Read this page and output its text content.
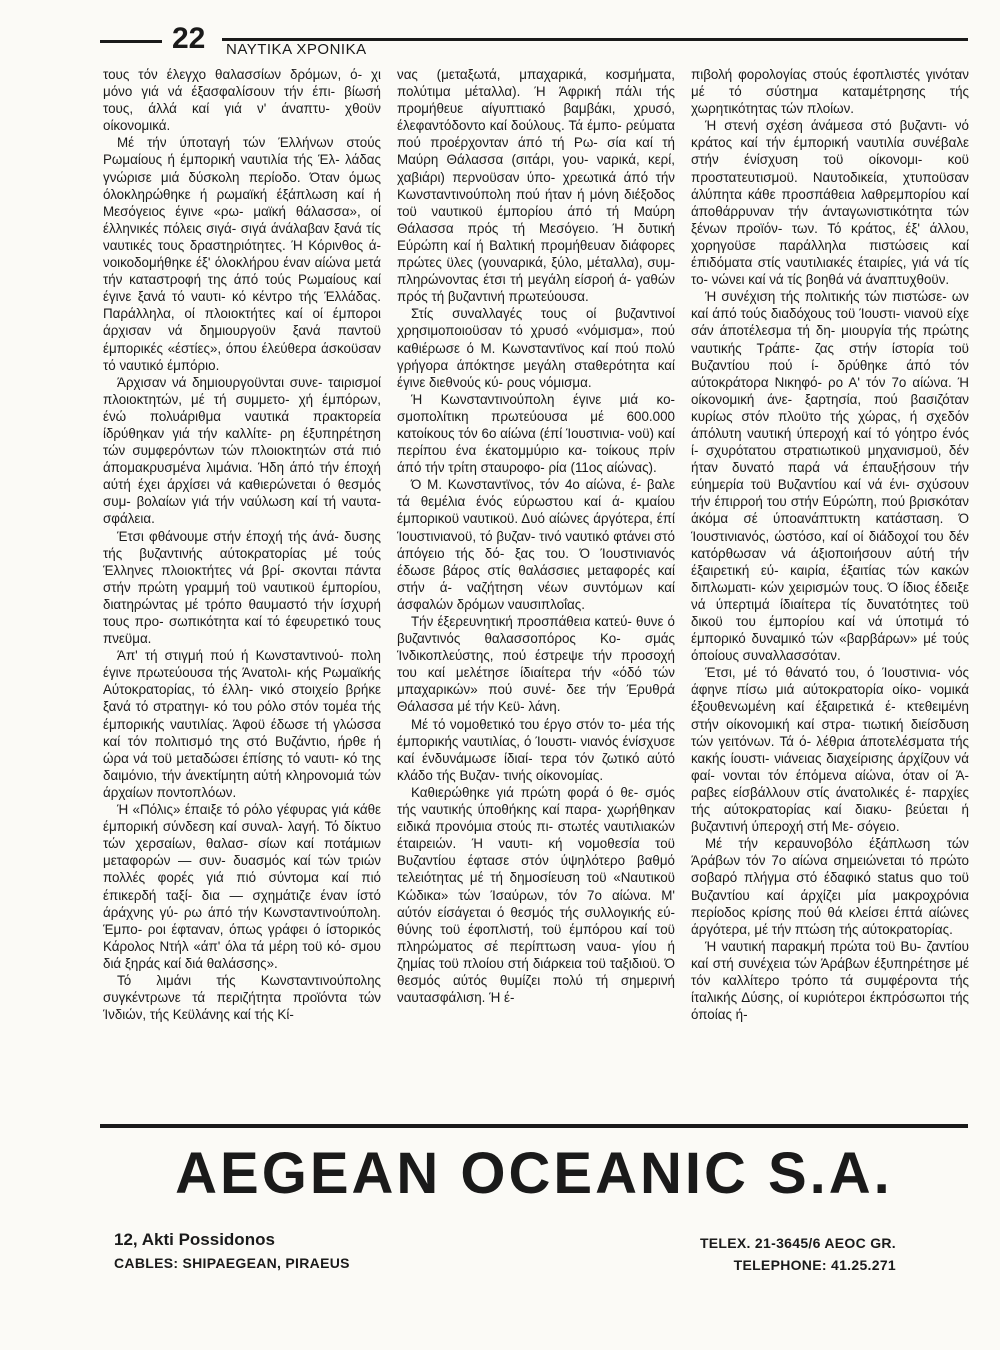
22 ΝΑΥΤΙΚΑ ΧΡΟΝΙΚΑ

τους τόν έλεγχο θαλασσίων δρόμων, ό- χι μόνο γιά νά έξασφαλίσουν τήν έπι- βίωσή τους, άλλά καί γιά ν' άναπτυ- χθοϋν οίκονομικά.

Μέ τήν ύποταγή τών Έλλήνων στούς Ρωμαίους ή έμπορική ναυτιλία τής Έλ- λάδας γνώρισε μιά δύσκολη περίοδο. Όταν όμως όλοκληρώθηκε ή ρωμαϊκή έξάπλωση καί ή Μεσόγειος έγινε «ρω- μαϊκή θάλασσα», οί έλληνικές πόλεις σιγά- σιγά άνάλαβαν ξανά τίς ναυτικές τους δραστηριότητες. Ή Κόρινθος ά- νοικοδομήθηκε έξ' όλοκλήρου έναν αίώνα μετά τήν καταστροφή της άπό τούς Ρωμαίους καί έγινε ξανά τό ναυτι- κό κέντρο τής Έλλάδας. Παράλληλα, οί πλοιοκτήτες καί οί έμποροι άρχισαν νά δημιουργοϋν ξανά παντοϋ έμπορικές «έστίες», όπου έλεύθερα άσκοϋσαν τό ναυτικό έμπόριο.

Άρχισαν νά δημιουργοϋνται συνε- ταιρισμοί πλοιοκτητών, μέ τή συμμετο- χή έμπόρων, ένώ πολυάριθμα ναυτικά πρακτορεία ίδρύθηκαν γιά τήν καλλίτε- ρη έξυπηρέτηση τών συμφερόντων τών πλοιοκτητών στά πιό άπομακρυσμένα λιμάνια. Ήδη άπό τήν έποχή αύτή έχει άρχίσει νά καθιερώνεται ό θεσμός συμ- βολαίων γιά τήν ναύλωση καί τή ναυτα- σφάλεια.

Έτσι φθάνουμε στήν έποχή τής άνά- δυσης τής βυζαντινής αύτοκρατορίας μέ τούς Έλληνες πλοιοκτήτες νά βρί- σκονται πάντα στήν πρώτη γραμμή τοϋ ναυτικοϋ έμπορίου, διατηρώντας μέ τρόπο θαυμαστό τήν ίσχυρή τους προ- σωπικότητα καί τό έφευρετικό τους πνεϋμα.

Άπ' τή στιγμή πού ή Κωνσταντινού- πολη έγινε πρωτεύουσα τής Άνατολι- κής Ρωμαϊκής Αύτοκρατορίας, τό έλλη- νικό στοιχείο βρήκε ξανά τό στρατηγι- κό του ρόλο στόν τομέα τής έμπορικής ναυτιλίας. Άφοϋ έδωσε τή γλώσσα καί τόν πολιτισμό της στό Βυζάντιο, ήρθε ή ώρα νά τοϋ μεταδώσει έπίσης τό ναυτι- κό της δαιμόνιο, τήν άνεκτίμητη αύτή κληρονομιά τών άρχαίων ποντοπλόων.

Ή «Πόλις» έπαιξε τό ρόλο γέφυρας γιά κάθε έμπορική σύνδεση καί συναλ- λαγή. Τό δίκτυο τών χερσαίων, θαλασ- σίων καί ποτάμιων μεταφορών — συν- δυασμός καί τών τριών πολλές φορές γιά πιό σύντομα καί πιό έπικερδή ταξί- δια — σχημάτιζε έναν ίστό άράχνης γύ- ρω άπό τήν Κωνσταντινούπολη. Έμπο- ροι έφταναν, όπως γράφει ό ίστορικός Κάρολος Ντήλ «άπ' όλα τά μέρη τοϋ κό- σμου διά ξηράς καί διά θαλάσσης».

Τό λιμάνι τής Κωνσταντινούπολης συγκέντρωνε τά περιζήτητα προϊόντα τών Ίνδιών, τής Κεϋλάνης καί τής Κί-

νας (μεταξωτά, μπαχαρικά, κοσμήματα, πολύτιμα μέταλλα). Ή Άφρική πάλι τής προμήθευε αίγυπτιακό βαμβάκι, χρυσό, έλεφαντόδοντο καί δούλους. Τά έμπο- ρεύματα πού προέρχονταν άπό τή Ρω- σία καί τή Μαύρη Θάλασσα (σιτάρι, γου- ναρικά, κερί, χαβιάρι) περνοϋσαν ύπο- χρεωτικά άπό τήν Κωνσταντινούπολη πού ήταν ή μόνη διέξοδος τοϋ ναυτικοϋ έμπορίου άπό τή Μαύρη Θάλασσα πρός τή Μεσόγειο. Ή δυτική Εύρώπη καί ή Βαλτική προμήθευαν διάφορες πρώτες ϋλες (γουναρικά, ξύλο, μέταλλα), συμ- πληρώνοντας έτσι τή μεγάλη είσροή ά- γαθών πρός τή βυζαντινή πρωτεύουσα.

Στίς συναλλαγές τους οί βυζαντινοί χρησιμοποιοϋσαν τό χρυσό «νόμισμα», πού καθιέρωσε ό Μ. Κωνσταντϊνος καί πού πολύ γρήγορα άπόκτησε μεγάλη σταθερότητα καί έγινε διεθνούς κύ- ρους νόμισμα.

Ή Κωνσταντινούπολη έγινε μιά κο- σμοπολίτικη πρωτεύουσα μέ 600.000 κατοίκους τόν 6ο αίώνα (έπί Ίουστινια- νοϋ) καί περίπου ένα έκατομμύριο κα- τοίκους πρίν άπό τήν τρίτη σταυροφο- ρία (11ος αίώνας).

Ό Μ. Κωνσταντϊνος, τόν 4ο αίώνα, έ- βαλε τά θεμέλια ένός εύρωστου καί ά- κμαίου έμπορικοϋ ναυτικοϋ. Δυό αίώνες άργότερα, έπί Ίουστινιανοϋ, τό βυζαν- τινό ναυτικό φτάνει στό άπόγειο τής δό- ξας του. Ό Ίουστινιανός έδωσε βάρος στίς θαλάσσιες μεταφορές καί στήν ά- ναζήτηση νέων συντόμων καί άσφαλών δρόμων ναυσιπλοΐας.

Τήν έξερευνητική προσπάθεια κατεύ- θυνε ό βυζαντινός θαλασσοπόρος Κο- σμάς Ίνδικοπλεύστης, πού έστρεψε τήν προσοχή του καί μελέτησε ίδιαίτερα τήν «όδό τών μπαχαρικών» πού συνέ- δεε τήν Έρυθρά Θάλασσα μέ τήν Κεϋ- λάνη.

Μέ τό νομοθετικό του έργο στόν το- μέα τής έμπορικής ναυτιλίας, ό Ίουστι- νιανός ένίσχυσε καί ένδυνάμωσε ίδιαί- τερα τόν ζωτικό αύτό κλάδο τής Βυζαν- τινής οίκονομίας.

Καθιερώθηκε γιά πρώτη φορά ό θε- σμός τής ναυτικής ύποθήκης καί παρα- χωρήθηκαν ειδικά προνόμια στούς πι- στωτές ναυτιλιακών έταιρειών. Ή ναυτι- κή νομοθεσία τοϋ Βυζαντίου έφτασε στόν ύψηλότερο βαθμό τελειότητας μέ τή δημοσίευση τοϋ «Ναυτικοϋ Κώδικα» τών Ίσαύρων, τόν 7ο αίώνα. Μ' αύτόν είσάγεται ό θεσμός τής συλλογικής εύ- θύνης τοϋ έφοπλιστή, τοϋ έμπόρου καί τοϋ πληρώματος σέ περίπτωση ναυα- γίου ή ζημίας τοϋ πλοίου στή διάρκεια τοϋ ταξιδιοϋ. Ό θεσμός αύτός θυμίζει πολύ τή σημερινή ναυτασφάλιση. Ή έ-

πιβολή φορολογίας στούς έφοπλιστές γινόταν μέ τό σύστημα καταμέτρησης τής χωρητικότητας τών πλοίων.

Ή στενή σχέση άνάμεσα στό βυζαντι- νό κράτος καί τήν έμπορική ναυτιλία συνέβαλε στήν ένίσχυση τοϋ οίκονομι- κοϋ προστατευτισμοϋ. Ναυτοδικεία, χτυποϋσαν άλύπητα κάθε προσπάθεια λαθρεμπορίου καί άποθάρρυναν τήν άνταγωνιστικότητα τών ξένων προϊόν- των. Τό κράτος, έξ' άλλου, χορηγοϋσε παράλληλα πιστώσεις καί έπιδόματα στίς ναυτιλιακές έταιρίες, γιά νά τίς το- νώνει καί νά τίς βοηθά νά άναπτυχθοϋν.

Ή συνέχιση τής πολιτικής τών πιστώσε- ων καί άπό τούς διαδόχους τοϋ Ίουστι- νιανοϋ είχε σάν άποτέλεσμα τή δη- μιουργία τής πρώτης ναυτικής Τράπε- ζας στήν ίστορία τοϋ Βυζαντίου πού ί- δρύθηκε άπό τόν αύτοκράτορα Νικηφό- ρο Α' τόν 7ο αίώνα. Ή οίκονομική άνε- ξαρτησία, πού βασιζόταν κυρίως στόν πλοϋτο τής χώρας, ή σχεδόν άπόλυτη ναυτική ύπεροχή καί τό γόητρο ένός ί- σχυρότατου στρατιωτικοϋ μηχανισμοϋ, δέν ήταν δυνατό παρά νά έπαυξήσουν τήν εύημερία τοϋ Βυζαντίου καί νά ένι- σχύσουν τήν έπιρροή του στήν Εύρώπη, πού βρισκόταν άκόμα σέ ύποανάπτυκτη κατάσταση. Ό Ίουστινιανός, ώστόσο, καί οί διάδοχοί του δέν κατόρθωσαν νά άξιοποιήσουν αύτή τήν έξαιρετική εύ- καιρία, έξαιτίας τών κακών διπλωματι- κών χειρισμών τους. Ό ίδιος έδειξε νά ύπερτιμά ίδιαίτερα τίς δυνατότητες τοϋ δικοϋ του έμπορίου καί νά ύποτιμά τό έμπορικό δυναμικό τών «βαρβάρων» μέ τούς όποίους συναλλασσόταν.

Έτσι, μέ τό θάνατό του, ό Ίουστινια- νός άφηνε πίσω μιά αύτοκρατορία οίκο- νομικά έξουθενωμένη καί έξαιρετικά έ- κτεθειμένη στήν οίκονομική καί στρα- τιωτική διείσδυση τών γειτόνων. Τά ό- λέθρια άποτελέσματα τής κακής ίουστι- νιάνειας διαχείρισης άρχίζουν νά φαί- νονται τόν έπόμενα αίώνα, όταν οί Ά- ραβες είσβάλλουν στίς άνατολικές έ- παρχίες τής αύτοκρατορίας καί διακυ- βεύεται ή βυζαντινή ύπεροχή στή Με- σόγειο.

Μέ τήν κεραυνοβόλο έξάπλωση τών Άράβων τόν 7ο αίώνα σημειώνεται τό πρώτο σοβαρό πλήγμα στό έδαφικό status quo τοϋ Βυζαντίου καί άρχίζει μία μακροχρόνια περίοδος κρίσης πού θά κλείσει έπτά αίώνες άργότερα, μέ τήν πτώση τής αύτοκρατορίας.

Ή ναυτική παρακμή πρώτα τοϋ Βυ- ζαντίου καί στή συνέχεια τών Άράβων έξυπηρέτησε μέ τόν καλλίτερο τρόπο τά συμφέροντα τής ίταλικής Δύσης, οί κυριότεροι έκπρόσωποι τής όποίας ή-

AEGEAN OCEANIC S.A.
12, Akti Possidonos
CABLES: SHIPAEGEAN, PIRAEUS
TELEX. 21-3645/6 AEOC GR.
TELEPHONE: 41.25.271
